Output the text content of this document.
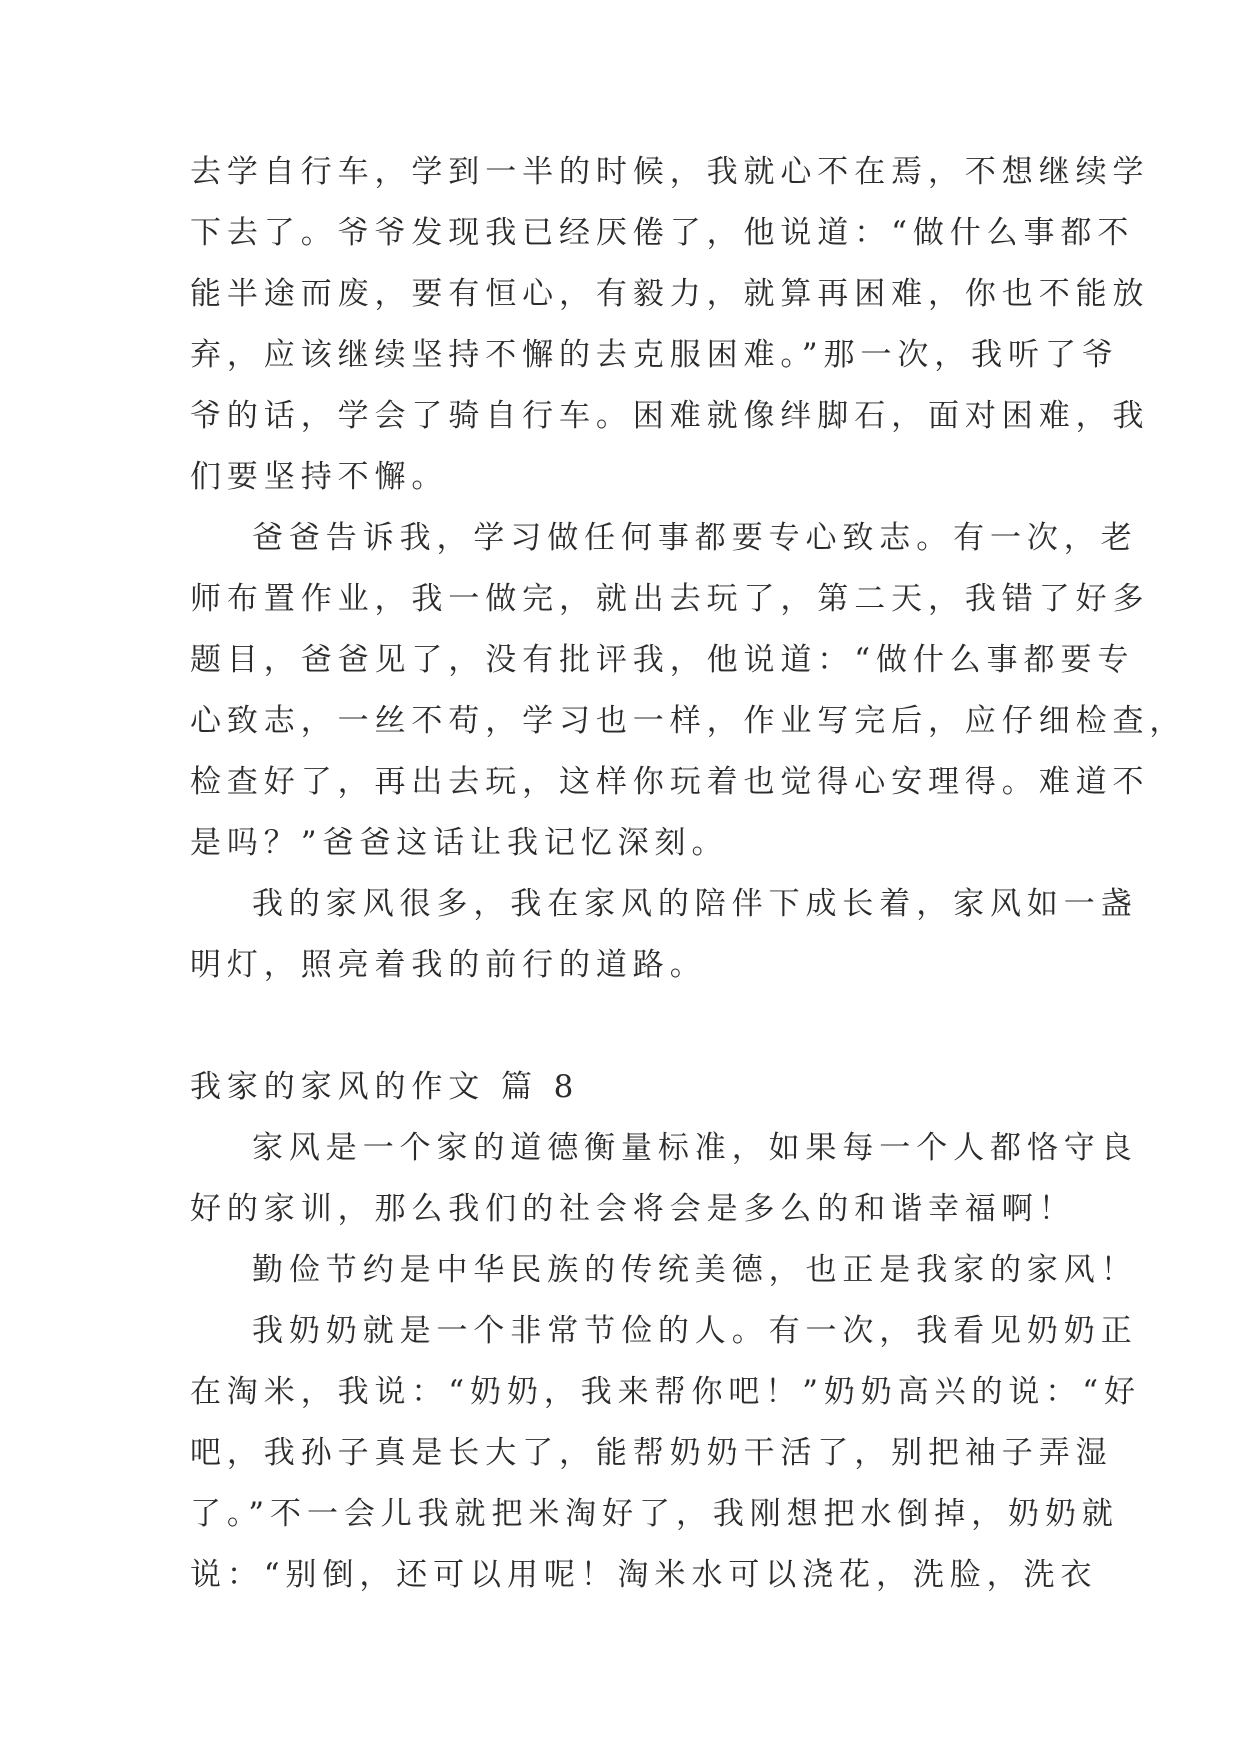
去学自行车，学到一半的时候，我就心不在焉，不想继续学
下去了。爷爷发现我已经厌倦了，他说道：“做什么事都不
能半途而废，要有恒心，有毅力，就算再困难，你也不能放
弃，应该继续坚持不懈的去克服困难。”那一次，我听了爷
爷的话，学会了骑自行车。困难就像绊脚石，面对困难，我
们要坚持不懈。
爸爸告诉我，学习做任何事都要专心致志。有一次，老
师布置作业，我一做完，就出去玩了，第二天，我错了好多
题目，爸爸见了，没有批评我，他说道：“做什么事都要专
心致志，一丝不苟，学习也一样，作业写完后，应仔细检查，
检查好了，再出去玩，这样你玩着也觉得心安理得。难道不
是吗？”爸爸这话让我记忆深刻。
我的家风很多，我在家风的陪伴下成长着，家风如一盏
明灯，照亮着我的前行的道路。
我家的家风的作文 篇 8
家风是一个家的道德衡量标准，如果每一个人都恪守良
好的家训，那么我们的社会将会是多么的和谐幸福啊！
勤俭节约是中华民族的传统美德，也正是我家的家风！
我奶奶就是一个非常节俭的人。有一次，我看见奶奶正
在淘米，我说：“奶奶，我来帮你吧！”奶奶高兴的说：“好
吧，我孙子真是长大了，能帮奶奶干活了，别把袖子弄湿
了。”不一会儿我就把米淘好了，我刚想把水倒掉，奶奶就
说：“别倒，还可以用呢！淘米水可以浇花，洗脸，洗衣
